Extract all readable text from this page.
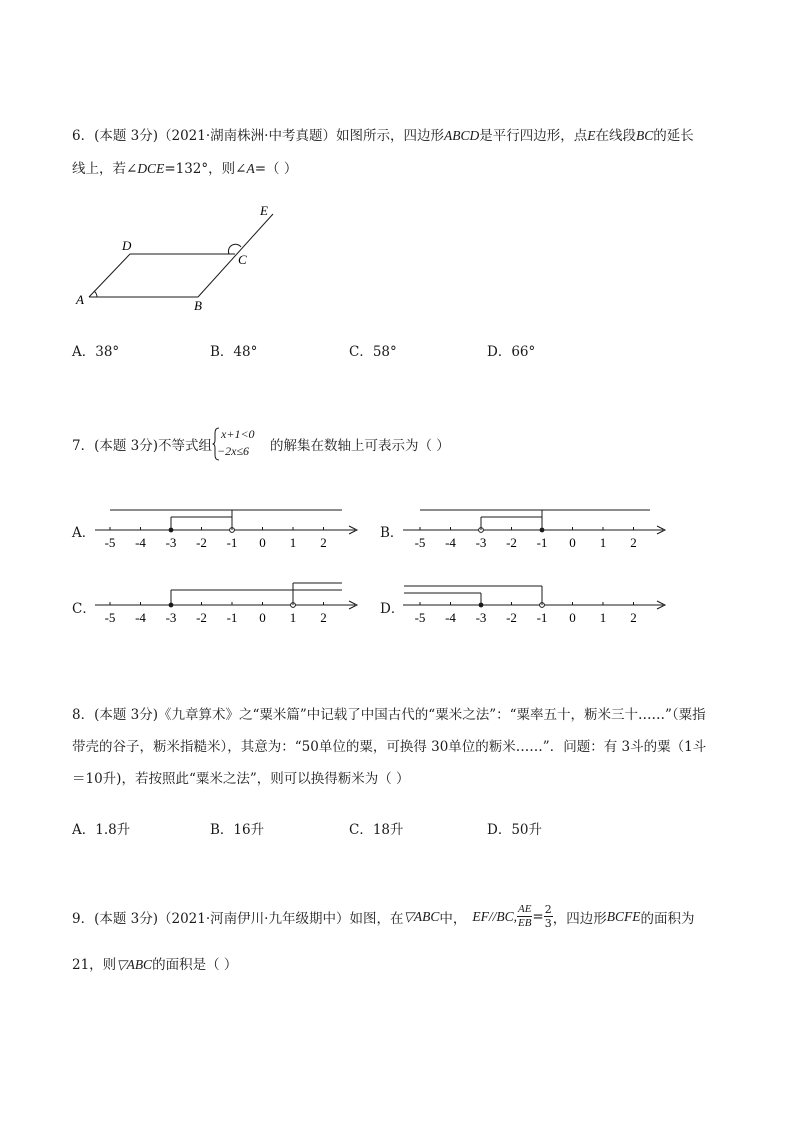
6．(本题 3分)（2021·湖南株洲·中考真题）如图所示，四边形ABCD是平行四边形，点E在线段BC的延长
线上，若∠DCE=132°，则∠A=（ ）
A	B
C
D
E
A．38°	B．48°	C．58°	D．66°
7．(本题 3分)不等式组
x+1<0
−2x≤6 的解集在数轴上可表示为（ ）
A．	B．
C．	D．
-5 -4 -3 -2 -1 0 1 2	-5 -4 -3 -2 -1 0 1 2
-5 -4 -3 -2 -1 0 1 2	-5 -4 -3 -2 -1 0 1 2
8．(本题 3分)《九章算术》之“粟米篇”中记载了中国古代的“粟米之法”：“粟率五十，粝米三十……”（粟指
带壳的谷子，粝米指糙米），其意为：“50单位的粟，可换得 30单位的粝米……”．问题：有 3斗的粟（1斗
＝10升)，若按照此“粟米之法”，则可以换得粝米为（ ）
A．1.8升	B．16升	C．18升	D．50升
9．(本题 3分)（2021·河南伊川·九年级期中）如图，在 ▽ABC 中， EF//BC, $\frac{AE}{EB} = \frac{2}{3}$ ，四边形 BCFE 的面积为
21，则▽ABC的面积是（ ）
